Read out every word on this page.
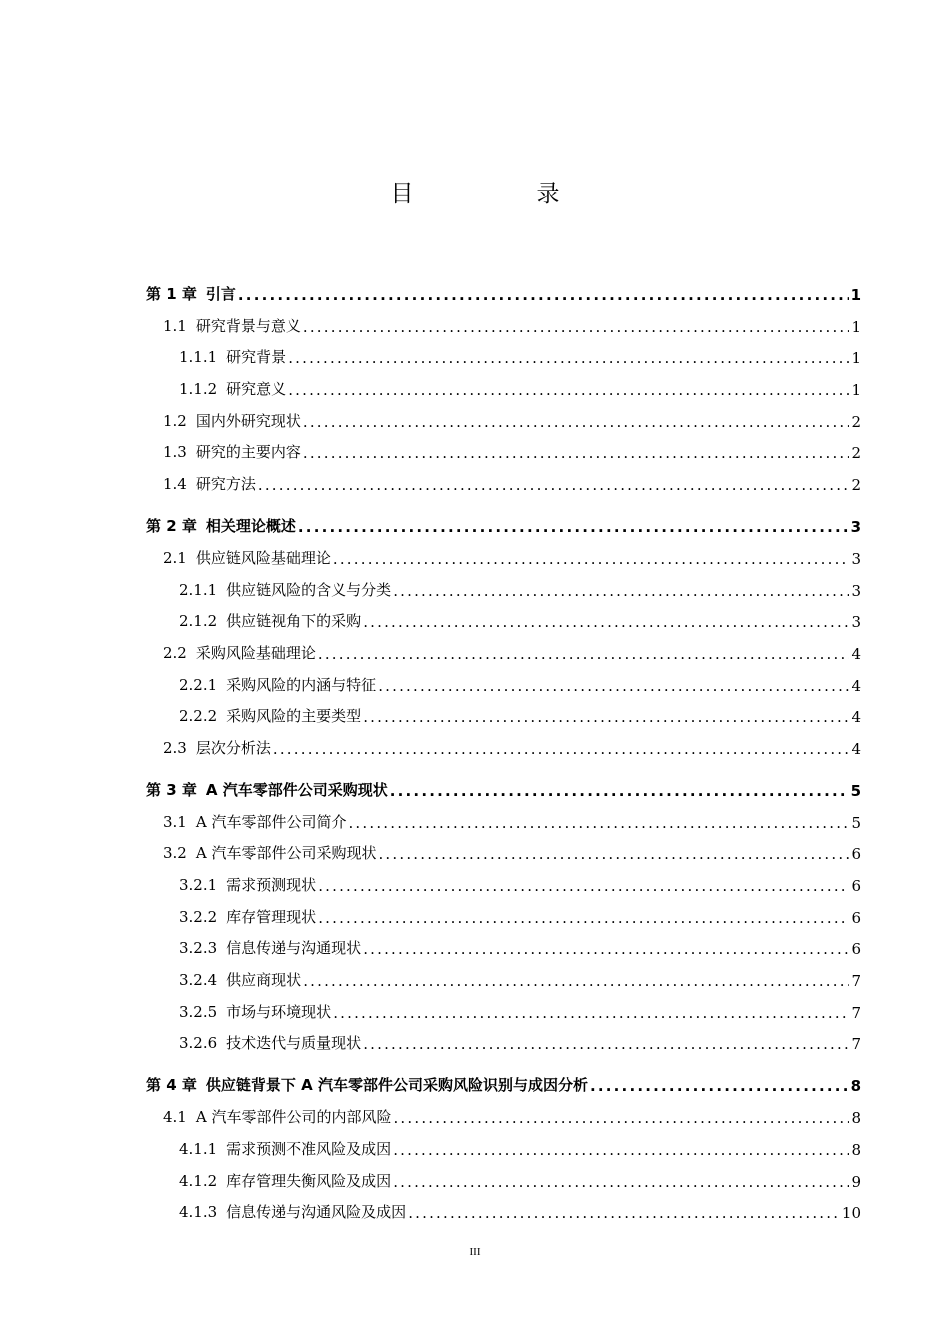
目　录
第 1 章 引言 .....	1
1.1 研究背景与意义 .....	1
1.1.1 研究背景 .....	1
1.1.2 研究意义 .....	1
1.2 国内外研究现状 .....	2
1.3 研究的主要内容 .....	2
1.4 研究方法 .....	2
第 2 章 相关理论概述 .....	3
2.1 供应链风险基础理论 .....	3
2.1.1 供应链风险的含义与分类 .....	3
2.1.2 供应链视角下的采购 .....	3
2.2 采购风险基础理论 .....	4
2.2.1 采购风险的内涵与特征 .....	4
2.2.2 采购风险的主要类型 .....	4
2.3 层次分析法 .....	4
第 3 章 A 汽车零部件公司采购现状 .....	5
3.1 A 汽车零部件公司简介 .....	5
3.2 A 汽车零部件公司采购现状 .....	6
3.2.1 需求预测现状 .....	6
3.2.2 库存管理现状 .....	6
3.2.3 信息传递与沟通现状 .....	6
3.2.4 供应商现状 .....	7
3.2.5 市场与环境现状 .....	7
3.2.6 技术迭代与质量现状 .....	7
第 4 章 供应链背景下 A 汽车零部件公司采购风险识别与成因分析 .....	8
4.1 A 汽车零部件公司的内部风险 .....	8
4.1.1 需求预测不准风险及成因 .....	8
4.1.2 库存管理失衡风险及成因 .....	9
4.1.3 信息传递与沟通风险及成因 .....	10
III
